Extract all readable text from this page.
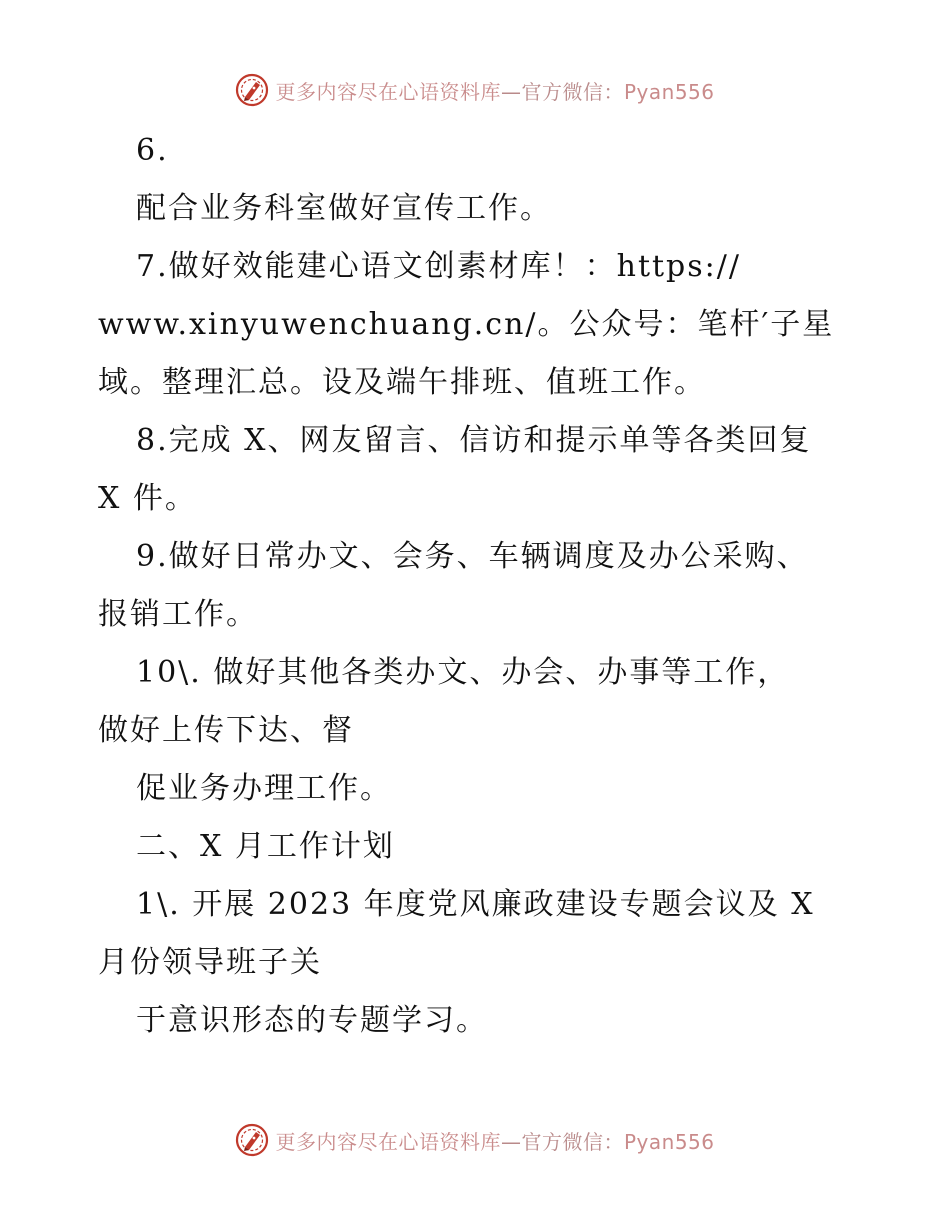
更多内容尽在心语资料库—官方微信：Pyan556
6.
配合业务科室做好宣传工作。
7.做好效能建心语文创素材库！：https://
www.xinyuwenchuang.cn/。公众号：笔杆′子星
域。整理汇总。设及端午排班、值班工作。
8.完成 X、网友留言、信访和提示单等各类回复
X 件。
9.做好日常办文、会务、车辆调度及办公采购、
报销工作。
10\. 做好其他各类办文、办会、办事等工作，
做好上传下达、督
促业务办理工作。
二、X 月工作计划
1\. 开展 2023 年度党风廉政建设专题会议及 X
月份领导班子关
于意识形态的专题学习。
更多内容尽在心语资料库—官方微信：Pyan556
